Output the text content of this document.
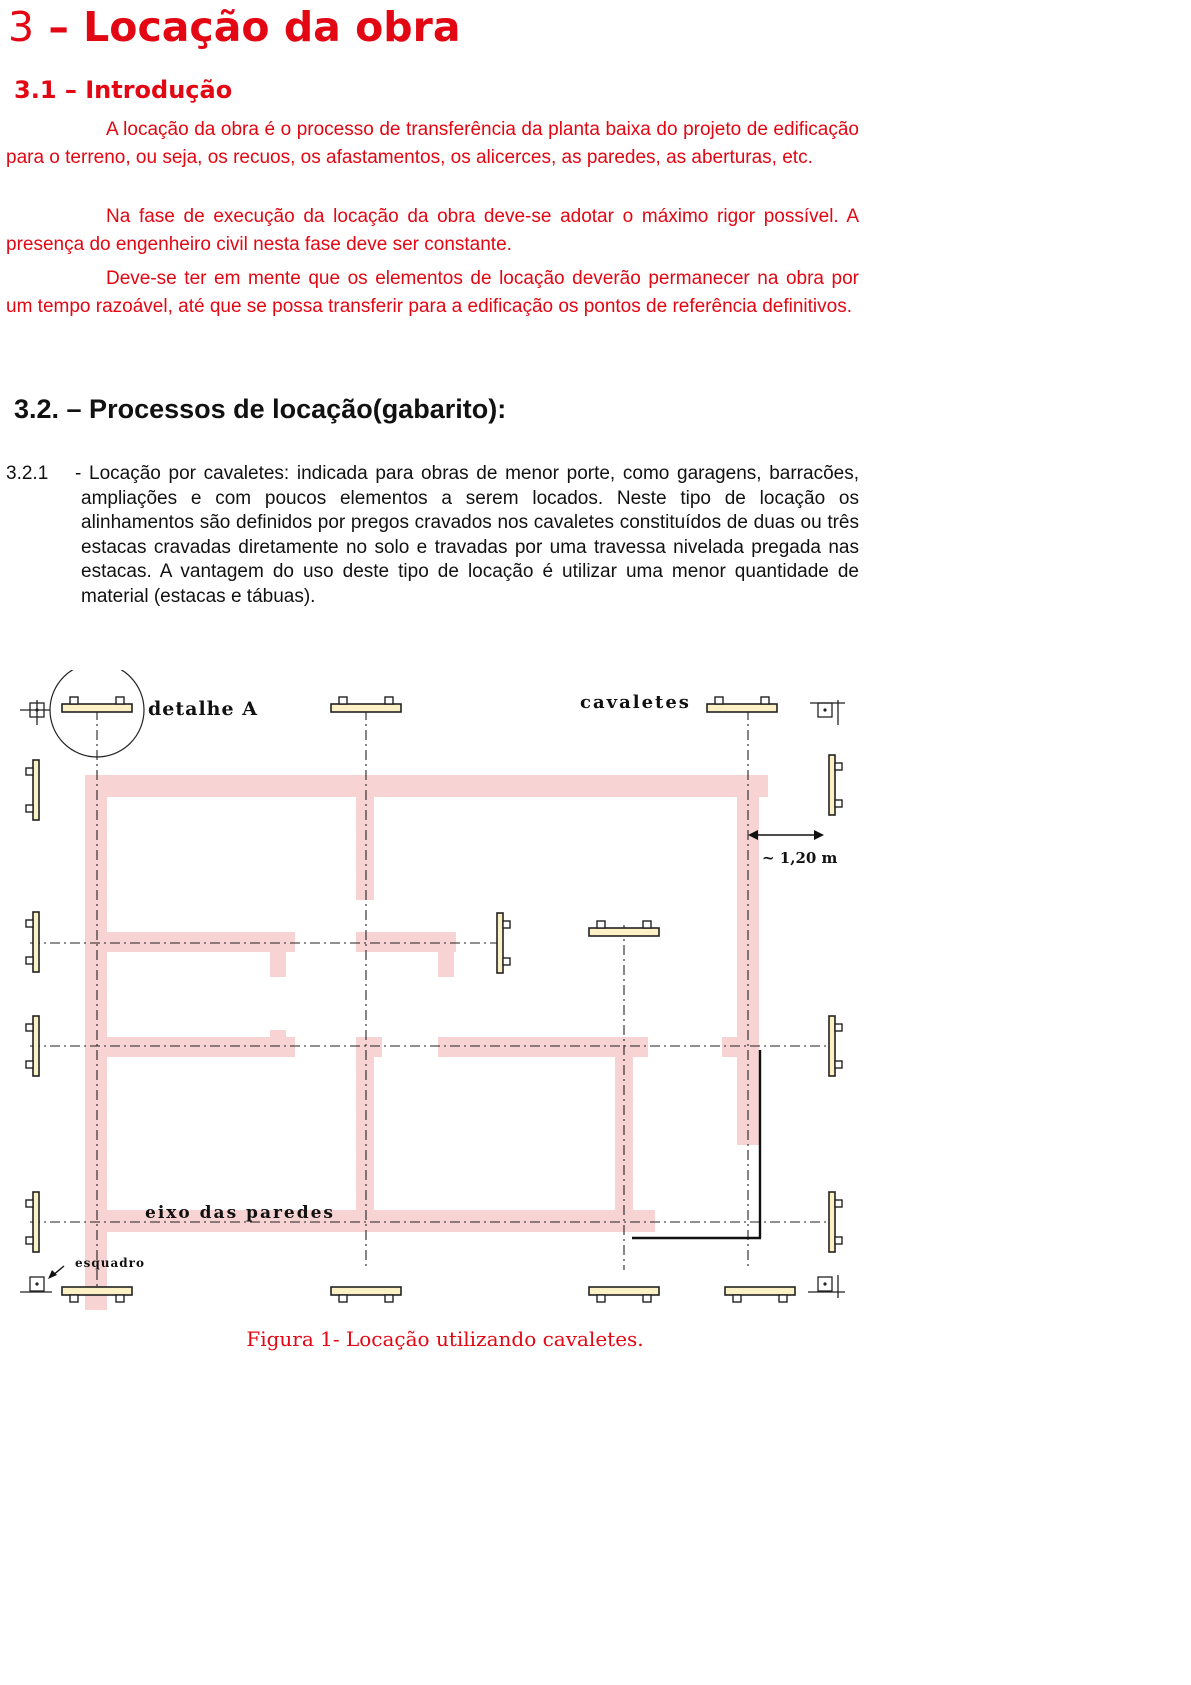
3 – Locação da obra
3.1 – Introdução

A locação da obra é o processo de transferência da planta baixa do projeto de edificação para o terreno, ou seja, os recuos, os afastamentos, os alicerces, as paredes, as aberturas, etc.

Na fase de execução da locação da obra deve-se adotar o máximo rigor possível. A presença do engenheiro civil nesta fase deve ser constante.

Deve-se ter em mente que os elementos de locação deverão permanecer na obra por um tempo razoável, até que se possa transferir para a edificação os pontos de referência definitivos.

3.2. – Processos de locação(gabarito):
3.2.1 - Locação por cavaletes: indicada para obras de menor porte, como garagens, barracões, ampliações e com poucos elementos a serem locados. Neste tipo de locação os alinhamentos são definidos por pregos cravados nos cavaletes constituídos de duas ou três estacas cravadas diretamente no solo e travadas por uma travessa nivelada pregada nas estacas. A vantagem do uso deste tipo de locação é utilizar uma menor quantidade de material (estacas e tábuas).

detalhe A	cavaletes
~ 1,20 m
eixo das paredes
esquadro

Figura 1- Locação utilizando cavaletes.
